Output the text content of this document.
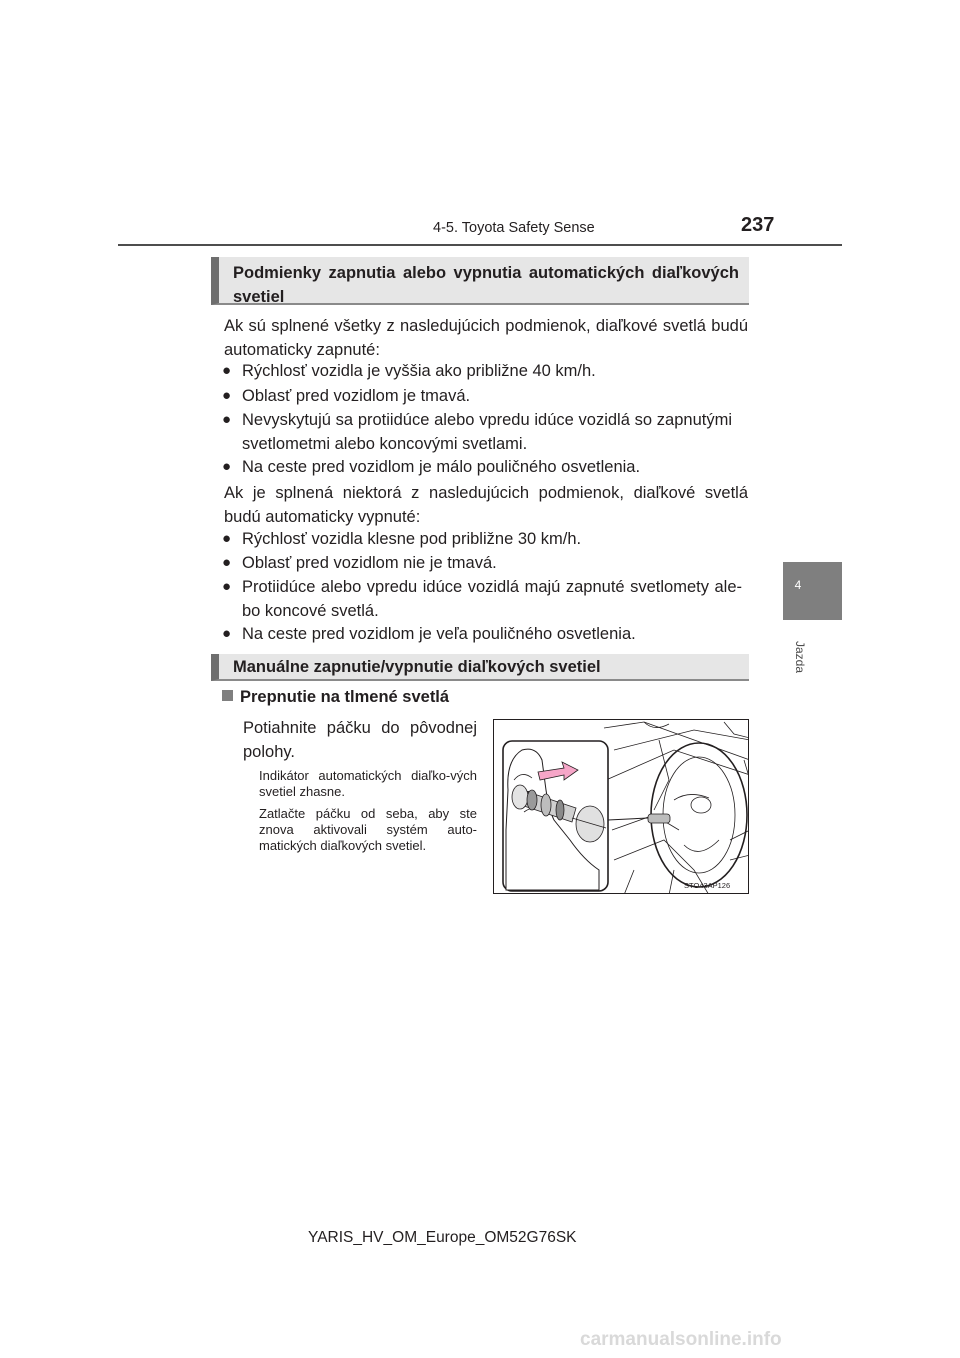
4-5. Toyota Safety Sense	237
4
Jazda
Podmienky zapnutia alebo vypnutia automatických diaľkových
svetiel
Ak sú splnené všetky z nasledujúcich podmienok, diaľkové svetlá budú automaticky zapnuté:
● Rýchlosť vozidla je vyššia ako približne 40 km/h.
● Oblasť pred vozidlom je tmavá.
● Nevyskytujú sa protiidúce alebo vpredu idúce vozidlá so zapnutými svetlometmi alebo koncovými svetlami.
● Na ceste pred vozidlom je málo pouličného osvetlenia.
Ak je splnená niektorá z nasledujúcich podmienok, diaľkové svetlá budú automaticky vypnuté:
● Rýchlosť vozidla klesne pod približne 30 km/h.
● Oblasť pred vozidlom nie je tmavá.
● Protiidúce alebo vpredu idúce vozidlá majú zapnuté svetlomety ale-bo koncové svetlá.
● Na ceste pred vozidlom je veľa pouličného osvetlenia.
Manuálne zapnutie/vypnutie diaľkových svetiel
Prepnutie na tlmené svetlá
Potiahnite páčku do pôvodnej polohy.
Indikátor automatických diaľko-vých svetiel zhasne.
Zatlačte páčku od seba, aby ste znova aktivovali systém auto-matických diaľkových svetiel.
STO43AP126
YARIS_HV_OM_Europe_OM52G76SK
carmanualsonline.info
